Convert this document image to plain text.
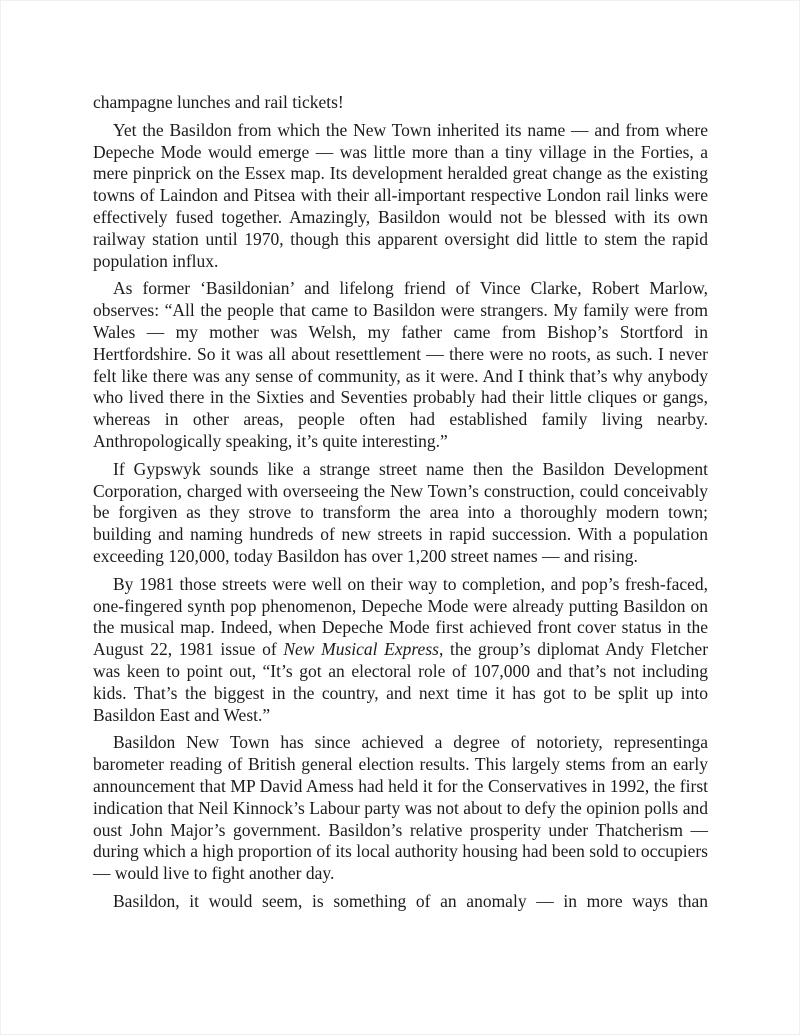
champagne lunches and rail tickets!

Yet the Basildon from which the New Town inherited its name — and from where Depeche Mode would emerge — was little more than a tiny village in the Forties, a mere pinprick on the Essex map. Its development heralded great change as the existing towns of Laindon and Pitsea with their all-important respective London rail links were effectively fused together. Amazingly, Basildon would not be blessed with its own railway station until 1970, though this apparent oversight did little to stem the rapid population influx.

As former ‘Basildonian’ and lifelong friend of Vince Clarke, Robert Marlow, observes: “All the people that came to Basildon were strangers. My family were from Wales — my mother was Welsh, my father came from Bishop’s Stortford in Hertfordshire. So it was all about resettlement — there were no roots, as such. I never felt like there was any sense of community, as it were. And I think that’s why anybody who lived there in the Sixties and Seventies probably had their little cliques or gangs, whereas in other areas, people often had established family living nearby. Anthropologically speaking, it’s quite interesting.”

If Gypswyk sounds like a strange street name then the Basildon Development Corporation, charged with overseeing the New Town’s construction, could conceivably be forgiven as they strove to transform the area into a thoroughly modern town; building and naming hundreds of new streets in rapid succession. With a population exceeding 120,000, today Basildon has over 1,200 street names — and rising.

By 1981 those streets were well on their way to completion, and pop’s fresh-faced, one-fingered synth pop phenomenon, Depeche Mode were already putting Basildon on the musical map. Indeed, when Depeche Mode first achieved front cover status in the August 22, 1981 issue of New Musical Express, the group’s diplomat Andy Fletcher was keen to point out, “It’s got an electoral role of 107,000 and that’s not including kids. That’s the biggest in the country, and next time it has got to be split up into Basildon East and West.”

Basildon New Town has since achieved a degree of notoriety, representinga barometer reading of British general election results. This largely stems from an early announcement that MP David Amess had held it for the Conservatives in 1992, the first indication that Neil Kinnock’s Labour party was not about to defy the opinion polls and oust John Major’s government. Basildon’s relative prosperity under Thatcherism — during which a high proportion of its local authority housing had been sold to occupiers — would live to fight another day.

Basildon, it would seem, is something of an anomaly — in more ways than
